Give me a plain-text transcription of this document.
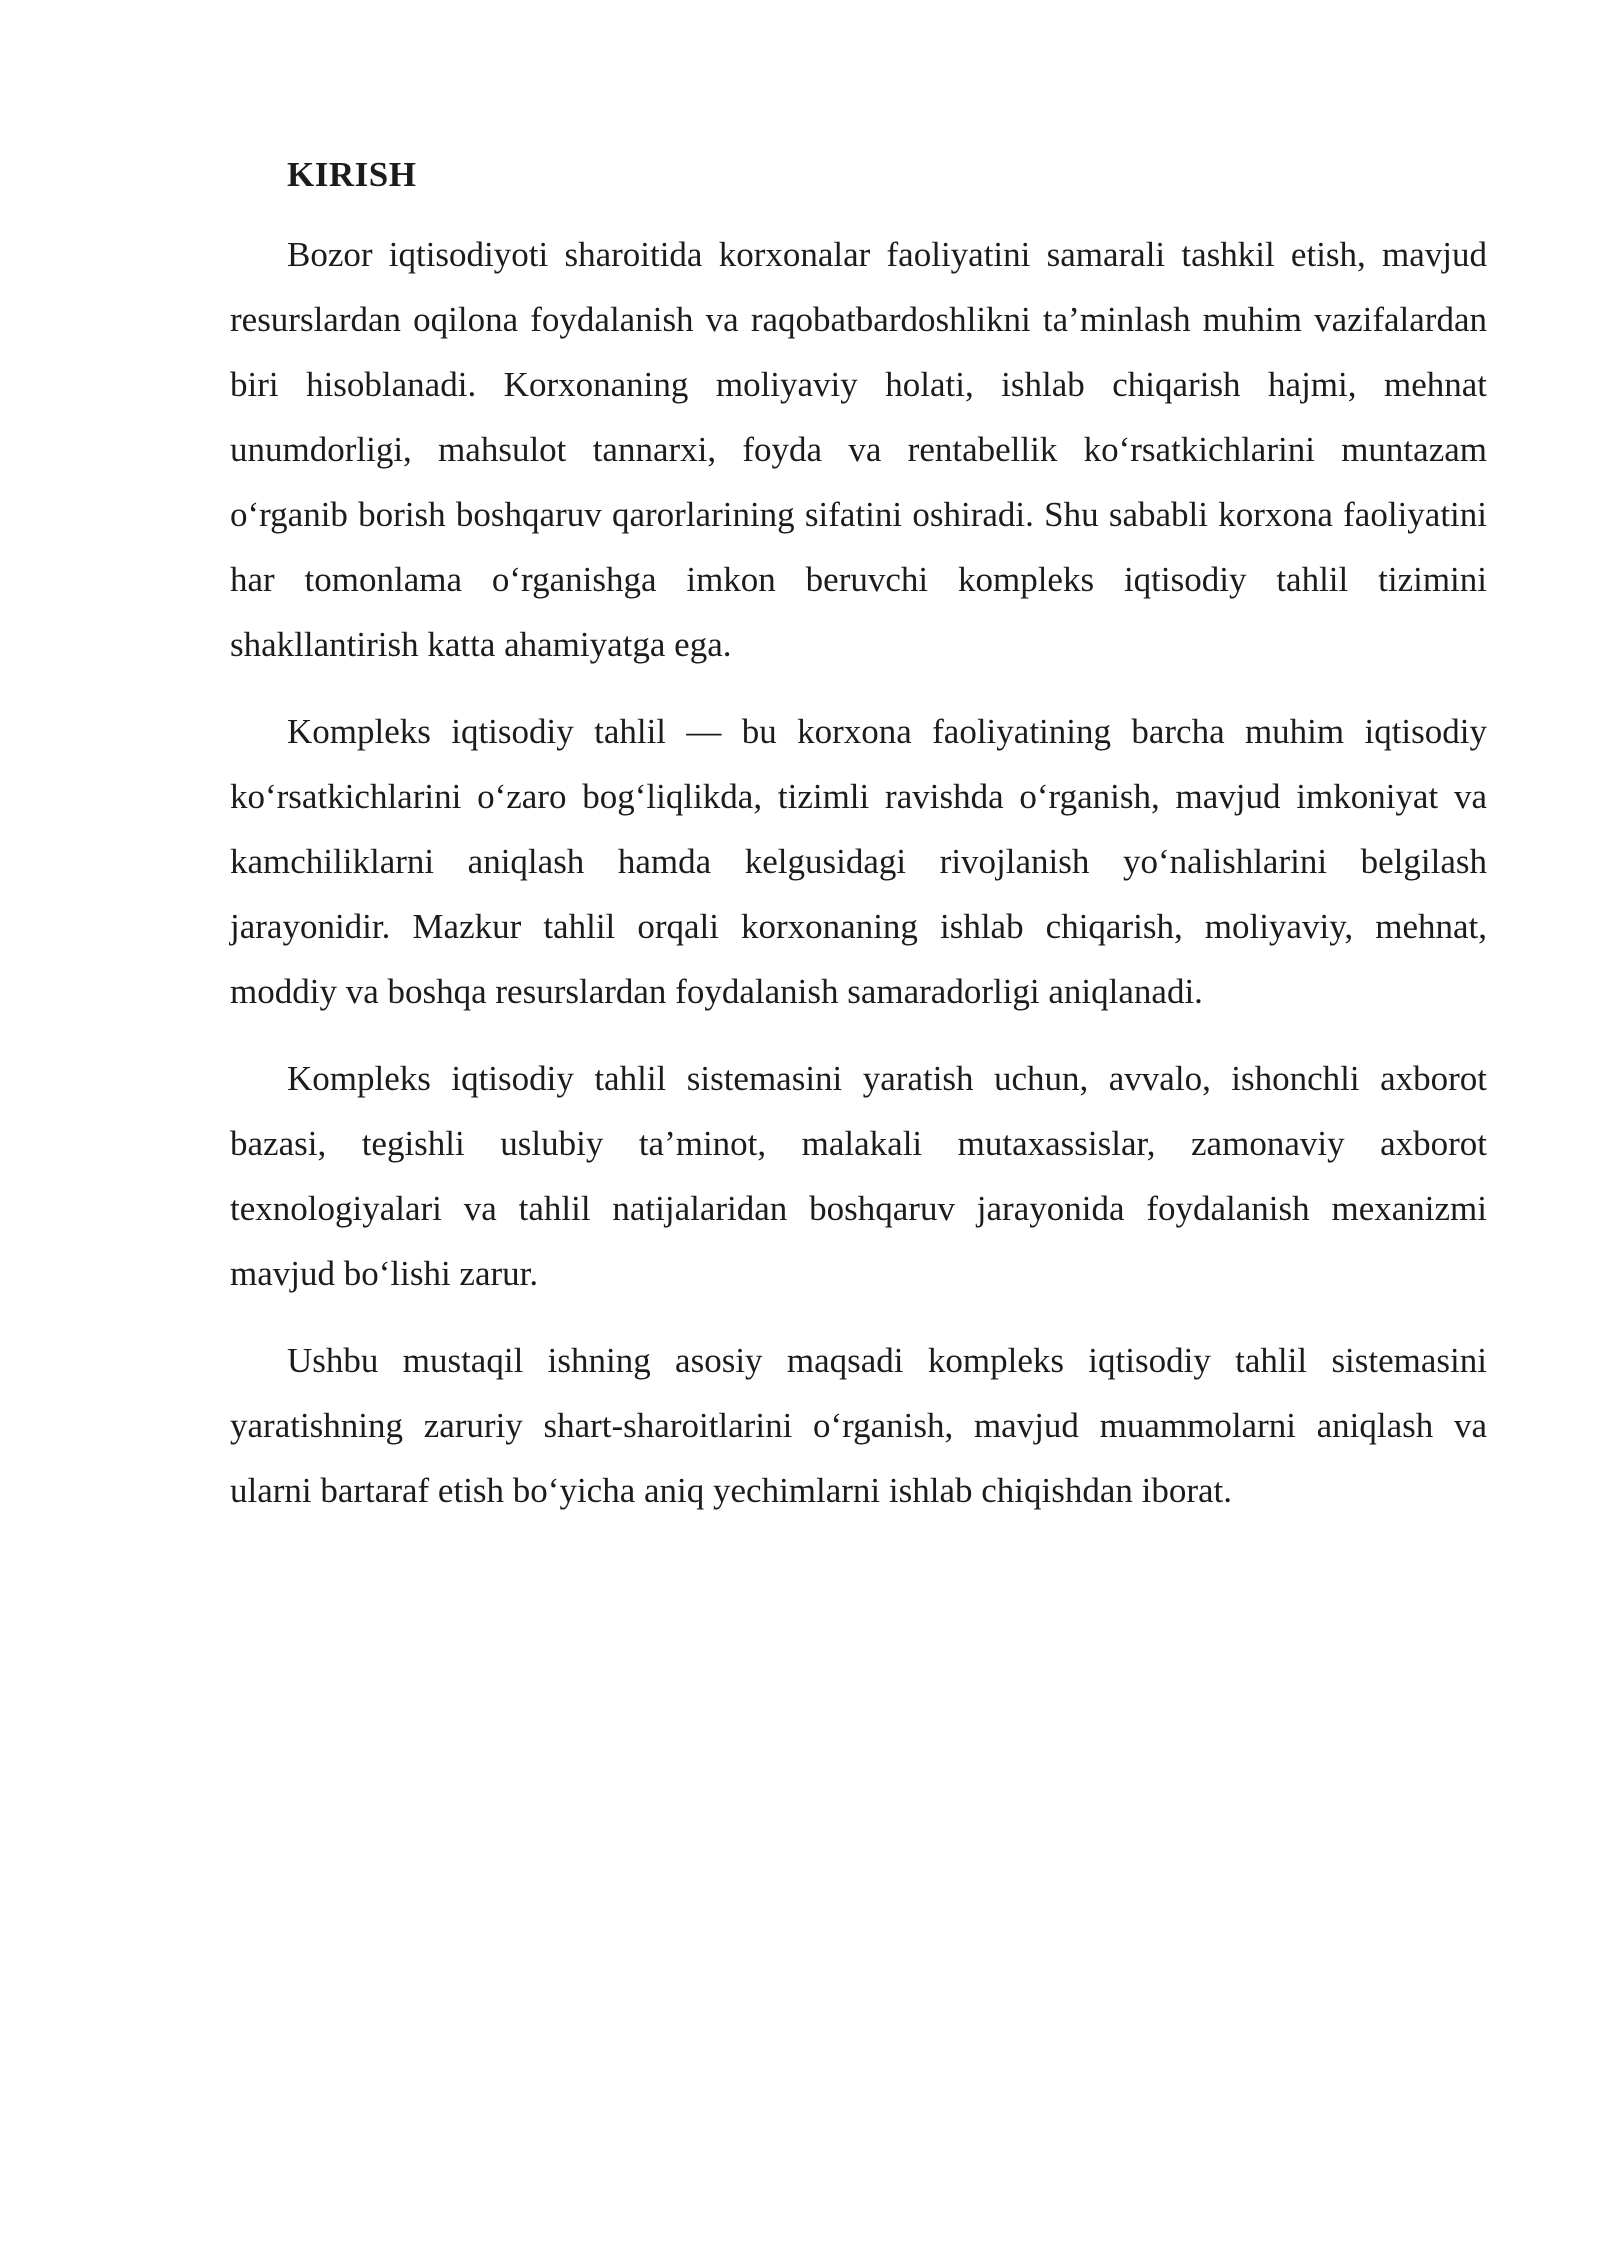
KIRISH

Bozor iqtisodiyoti sharoitida korxonalar faoliyatini samarali tashkil etish, mavjud resurslardan oqilona foydalanish va raqobatbardoshlikni ta’minlash muhim vazifalardan biri hisoblanadi. Korxonaning moliyaviy holati, ishlab chiqarish hajmi, mehnat unumdorligi, mahsulot tannarxi, foyda va rentabellik ko‘rsatkichlarini muntazam o‘rganib borish boshqaruv qarorlarining sifatini oshiradi. Shu sababli korxona faoliyatini har tomonlama o‘rganishga imkon beruvchi kompleks iqtisodiy tahlil tizimini shakllantirish katta ahamiyatga ega.

Kompleks iqtisodiy tahlil — bu korxona faoliyatining barcha muhim iqtisodiy ko‘rsatkichlarini o‘zaro bog‘liqlikda, tizimli ravishda o‘rganish, mavjud imkoniyat va kamchiliklarni aniqlash hamda kelgusidagi rivojlanish yo‘nalishlarini belgilash jarayonidir. Mazkur tahlil orqali korxonaning ishlab chiqarish, moliyaviy, mehnat, moddiy va boshqa resurslardan foydalanish samaradorligi aniqlanadi.

Kompleks iqtisodiy tahlil sistemasini yaratish uchun, avvalo, ishonchli axborot bazasi, tegishli uslubiy ta’minot, malakali mutaxassislar, zamonaviy axborot texnologiyalari va tahlil natijalaridan boshqaruv jarayonida foydalanish mexanizmi mavjud bo‘lishi zarur.

Ushbu mustaqil ishning asosiy maqsadi kompleks iqtisodiy tahlil sistemasini yaratishning zaruriy shart-sharoitlarini o‘rganish, mavjud muammolarni aniqlash va ularni bartaraf etish bo‘yicha aniq yechimlarni ishlab chiqishdan iborat.
